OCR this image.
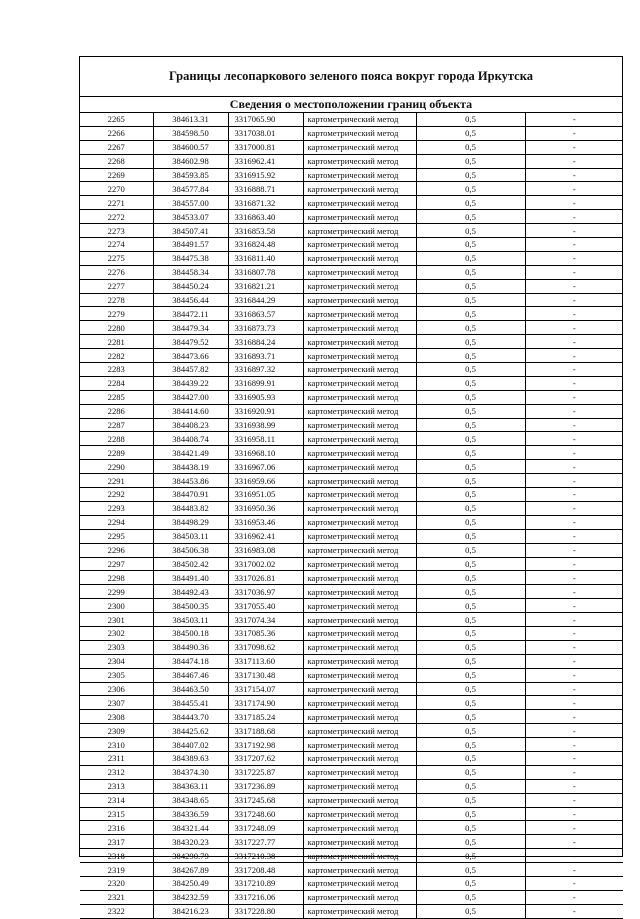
Границы лесопаркового зеленого пояса вокруг города Иркутска
Сведения о местоположении границ объекта
2265	384613.31	3317065.90	картометрический метод	0,5	-
2266	384598.50	3317038.01	картометрический метод	0,5	-
2267	384600.57	3317000.81	картометрический метод	0,5	-
2268	384602.98	3316962.41	картометрический метод	0,5	-
2269	384593.85	3316915.92	картометрический метод	0,5	-
2270	384577.84	3316888.71	картометрический метод	0,5	-
2271	384557.00	3316871.32	картометрический метод	0,5	-
2272	384533.07	3316863.40	картометрический метод	0,5	-
2273	384507.41	3316853.58	картометрический метод	0,5	-
2274	384491.57	3316824.48	картометрический метод	0,5	-
2275	384475.38	3316811.40	картометрический метод	0,5	-
2276	384458.34	3316807.78	картометрический метод	0,5	-
2277	384450.24	3316821.21	картометрический метод	0,5	-
2278	384456.44	3316844.29	картометрический метод	0,5	-
2279	384472.11	3316863.57	картометрический метод	0,5	-
2280	384479.34	3316873.73	картометрический метод	0,5	-
2281	384479.52	3316884.24	картометрический метод	0,5	-
2282	384473.66	3316893.71	картометрический метод	0,5	-
2283	384457.82	3316897.32	картометрический метод	0,5	-
2284	384439.22	3316899.91	картометрический метод	0,5	-
2285	384427.00	3316905.93	картометрический метод	0,5	-
2286	384414.60	3316920.91	картометрический метод	0,5	-
2287	384408.23	3316938.99	картометрический метод	0,5	-
2288	384408.74	3316958.11	картометрический метод	0,5	-
2289	384421.49	3316968.10	картометрический метод	0,5	-
2290	384438.19	3316967.06	картометрический метод	0,5	-
2291	384453.86	3316959.66	картометрический метод	0,5	-
2292	384470.91	3316951.05	картометрический метод	0,5	-
2293	384483.82	3316950.36	картометрический метод	0,5	-
2294	384498.29	3316953.46	картометрический метод	0,5	-
2295	384503.11	3316962.41	картометрический метод	0,5	-
2296	384506.38	3316983.08	картометрический метод	0,5	-
2297	384502.42	3317002.02	картометрический метод	0,5	-
2298	384491.40	3317026.81	картометрический метод	0,5	-
2299	384492.43	3317036.97	картометрический метод	0,5	-
2300	384500.35	3317055.40	картометрический метод	0,5	-
2301	384503.11	3317074.34	картометрический метод	0,5	-
2302	384500.18	3317085.36	картометрический метод	0,5	-
2303	384490.36	3317098.62	картометрический метод	0,5	-
2304	384474.18	3317113.60	картометрический метод	0,5	-
2305	384467.46	3317130.48	картометрический метод	0,5	-
2306	384463.50	3317154.07	картометрический метод	0,5	-
2307	384455.41	3317174.90	картометрический метод	0,5	-
2308	384443.70	3317185.24	картометрический метод	0,5	-
2309	384425.62	3317188.68	картометрический метод	0,5	-
2310	384407.02	3317192.98	картометрический метод	0,5	-
2311	384389.63	3317207.62	картометрический метод	0,5	-
2312	384374.30	3317225.87	картометрический метод	0,5	-
2313	384363.11	3317236.89	картометрический метод	0,5	-
2314	384348.65	3317245.68	картометрический метод	0,5	-
2315	384336.59	3317248.60	картометрический метод	0,5	-
2316	384321.44	3317248.09	картометрический метод	0,5	-
2317	384320.23	3317227.77	картометрический метод	0,5	-
2318	384290.79	3317210.38	картометрический метод	0,5	-
2319	384267.89	3317208.48	картометрический метод	0,5	-
2320	384250.49	3317210.89	картометрический метод	0,5	-
2321	384232.59	3317216.06	картометрический метод	0,5	-
2322	384216.23	3317228.80	картометрический метод	0,5	-
